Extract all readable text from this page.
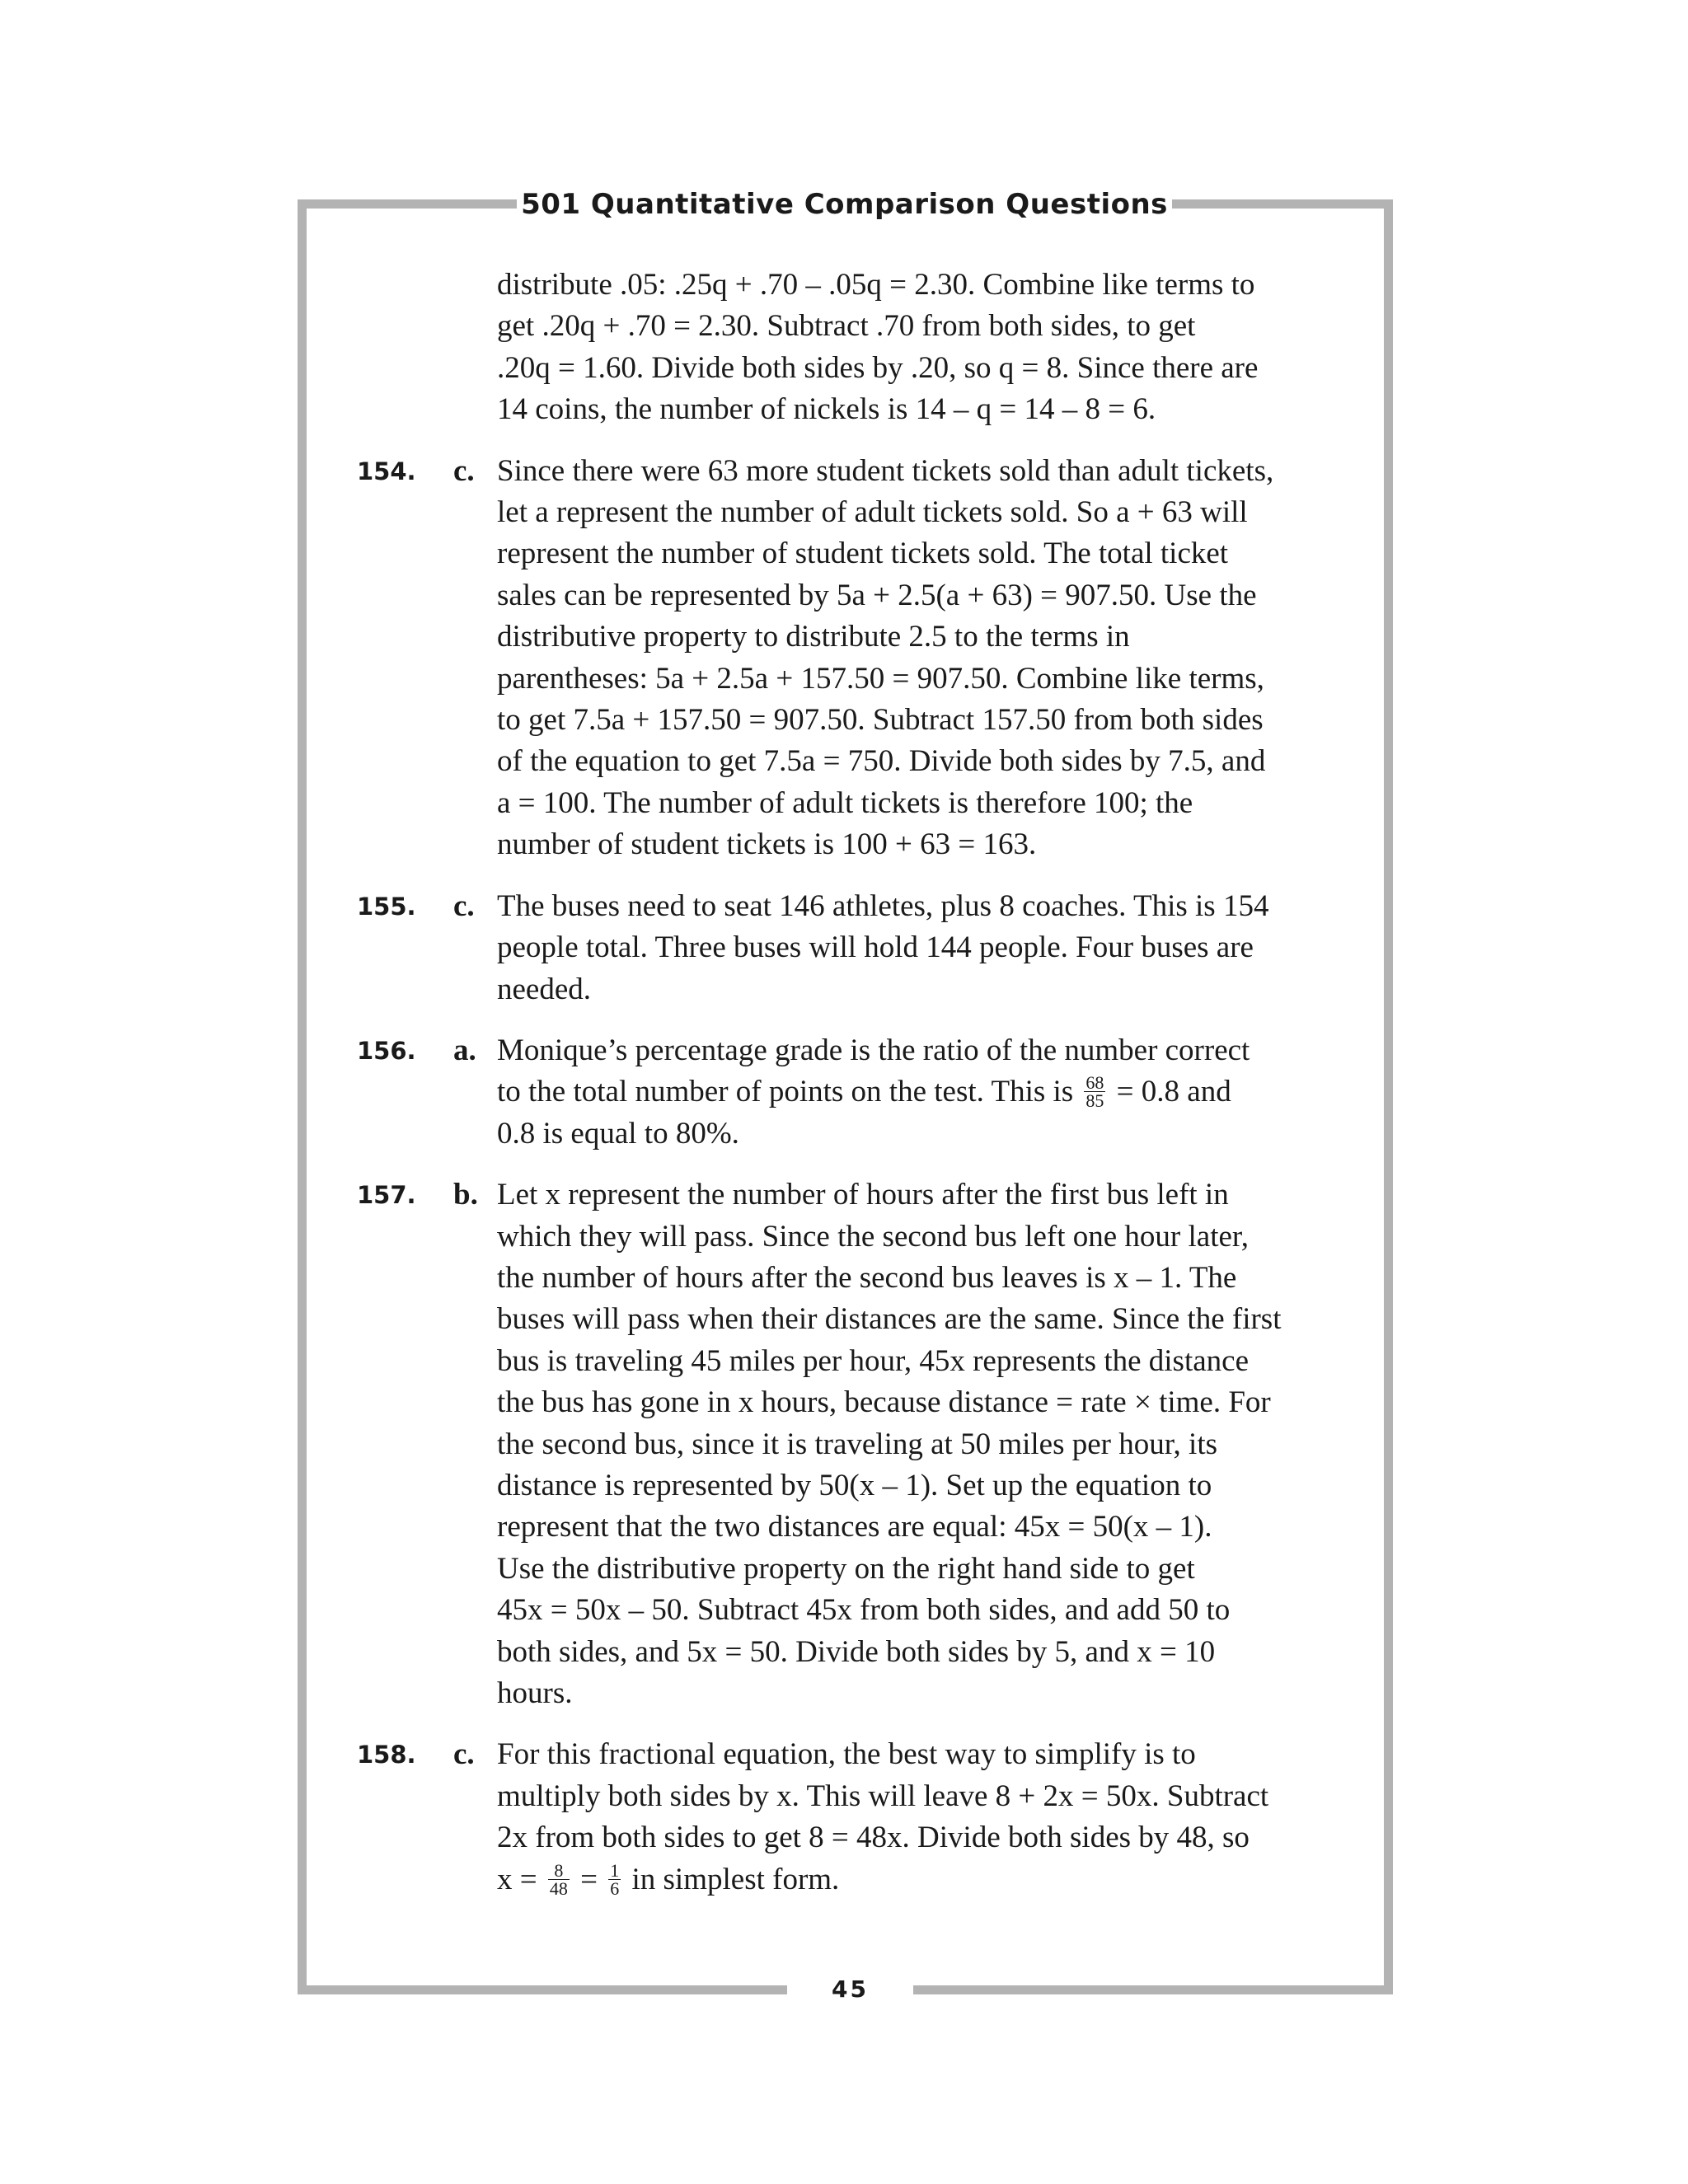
501 Quantitative Comparison Questions
distribute .05: .25q + .70 – .05q = 2.30. Combine like terms to
get .20q + .70 = 2.30. Subtract .70 from both sides, to get
.20q = 1.60. Divide both sides by .20, so q = 8. Since there are
14 coins, the number of nickels is 14 – q = 14 – 8 = 6.
154. c. Since there were 63 more student tickets sold than adult tickets,
let a represent the number of adult tickets sold. So a + 63 will
represent the number of student tickets sold. The total ticket
sales can be represented by 5a + 2.5(a + 63) = 907.50. Use the
distributive property to distribute 2.5 to the terms in
parentheses: 5a + 2.5a + 157.50 = 907.50. Combine like terms,
to get 7.5a + 157.50 = 907.50. Subtract 157.50 from both sides
of the equation to get 7.5a = 750. Divide both sides by 7.5, and
a = 100. The number of adult tickets is therefore 100; the
number of student tickets is 100 + 63 = 163.
155. c. The buses need to seat 146 athletes, plus 8 coaches. This is 154
people total. Three buses will hold 144 people. Four buses are
needed.
156. a. Monique’s percentage grade is the ratio of the number correct
to the total number of points on the test. This is $\frac{68}{85} = 0.8$ and
0.8 is equal to 80%.
157. b. Let x represent the number of hours after the first bus left in
which they will pass. Since the second bus left one hour later,
the number of hours after the second bus leaves is x – 1. The
buses will pass when their distances are the same. Since the first
bus is traveling 45 miles per hour, 45x represents the distance
the bus has gone in x hours, because distance = rate × time. For
the second bus, since it is traveling at 50 miles per hour, its
distance is represented by 50(x – 1). Set up the equation to
represent that the two distances are equal: 45x = 50(x – 1).
Use the distributive property on the right hand side to get
45x = 50x – 50. Subtract 45x from both sides, and add 50 to
both sides, and 5x = 50. Divide both sides by 5, and x = 10
hours.
158. c. For this fractional equation, the best way to simplify is to
multiply both sides by x. This will leave 8 + 2x = 50x. Subtract
2x from both sides to get 8 = 48x. Divide both sides by 48, so
$x = \frac{8}{48} = \frac{1}{6}$ in simplest form.
45
